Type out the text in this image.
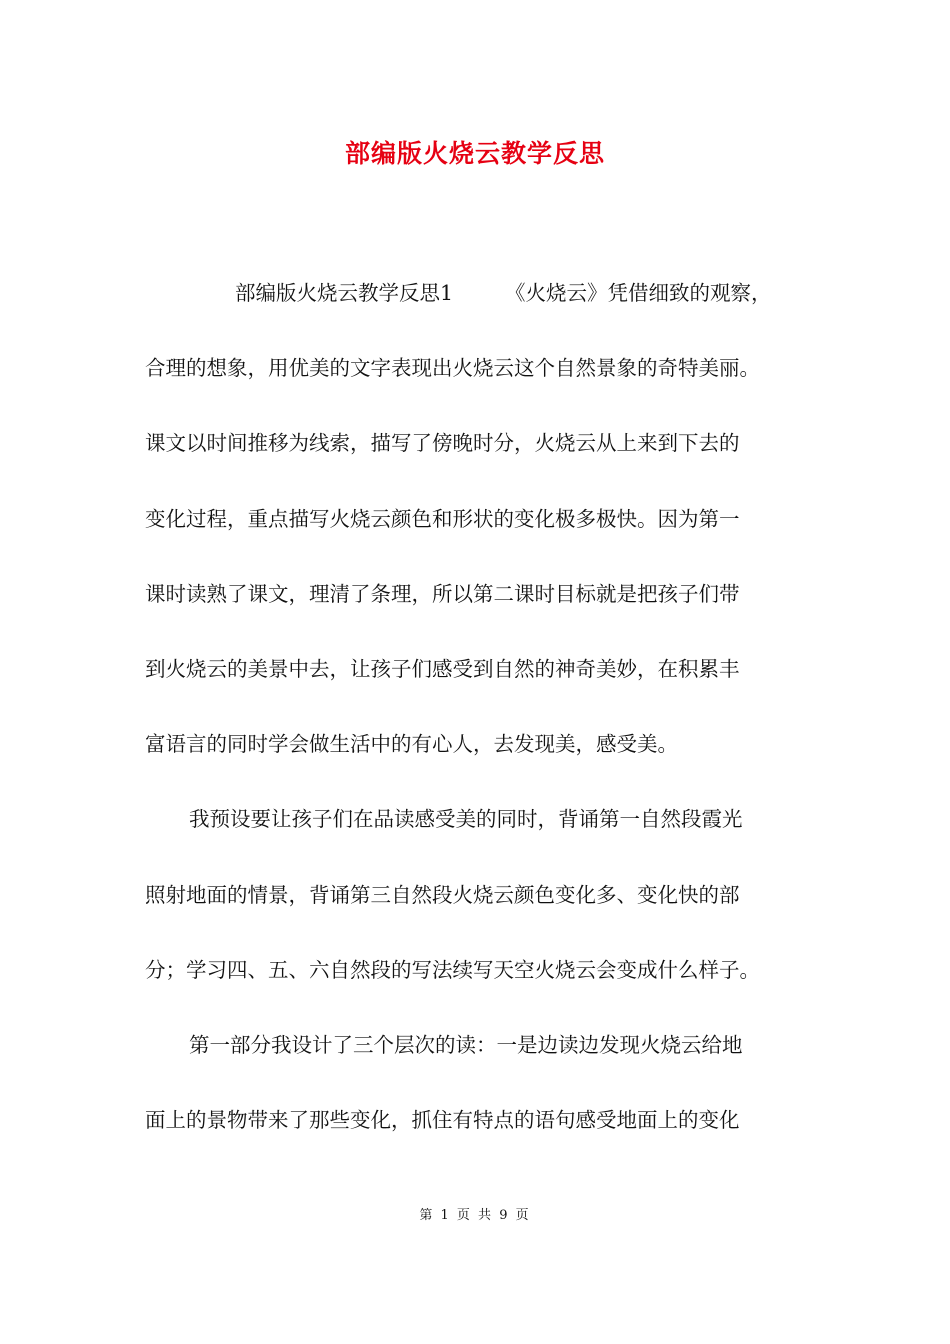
部编版火烧云教学反思
部编版火烧云教学反思1	《火烧云》凭借细致的观察，
合理的想象，用优美的文字表现出火烧云这个自然景象的奇特美丽。
课文以时间推移为线索，描写了傍晚时分，火烧云从上来到下去的
变化过程，重点描写火烧云颜色和形状的变化极多极快。因为第一
课时读熟了课文，理清了条理，所以第二课时目标就是把孩子们带
到火烧云的美景中去，让孩子们感受到自然的神奇美妙，在积累丰
富语言的同时学会做生活中的有心人，去发现美，感受美。
我预设要让孩子们在品读感受美的同时，背诵第一自然段霞光
照射地面的情景，背诵第三自然段火烧云颜色变化多、变化快的部
分；学习四、五、六自然段的写法续写天空火烧云会变成什么样子。
第一部分我设计了三个层次的读：一是边读边发现火烧云给地
面上的景物带来了那些变化，抓住有特点的语句感受地面上的变化
第 1 页 共 9 页
